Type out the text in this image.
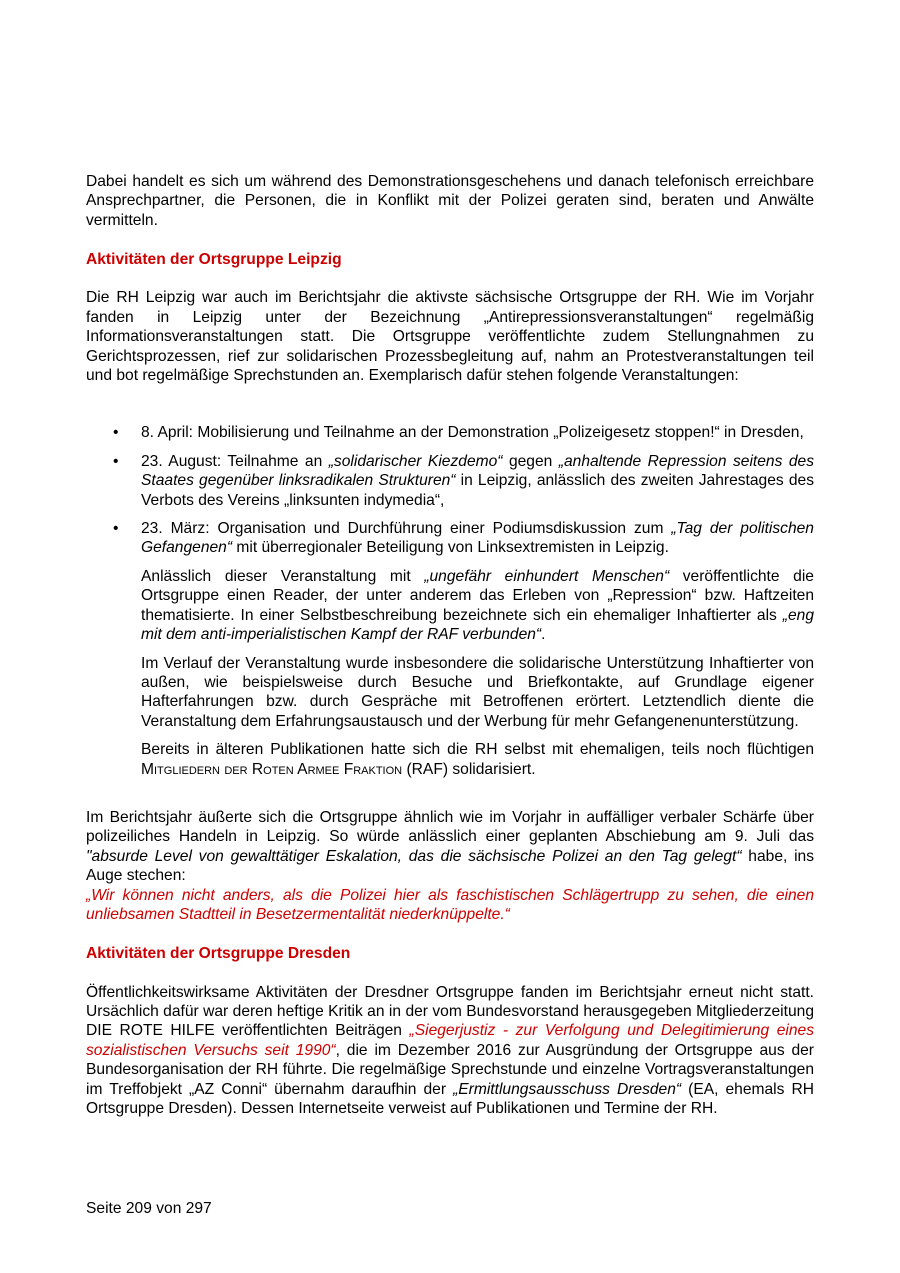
Dabei handelt es sich um während des Demonstrationsgeschehens und danach telefonisch erreichbare Ansprechpartner, die Personen, die in Konflikt mit der Polizei geraten sind, beraten und Anwälte vermitteln.

Aktivitäten der Ortsgruppe Leipzig

Die RH Leipzig war auch im Berichtsjahr die aktivste sächsische Ortsgruppe der RH. Wie im Vorjahr fanden in Leipzig unter der Bezeichnung „Antirepressionsveranstaltungen“ regelmäßig Informationsveranstaltungen statt. Die Ortsgruppe veröffentlichte zudem Stellungnahmen zu Gerichtsprozessen, rief zur solidarischen Prozessbegleitung auf, nahm an Protestveranstaltungen teil und bot regelmäßige Sprechstunden an. Exemplarisch dafür stehen folgende Veranstaltungen:

• 8. April: Mobilisierung und Teilnahme an der Demonstration „Polizeigesetz stoppen!“ in Dresden,
• 23. August: Teilnahme an „solidarischer Kiezdemo“ gegen „anhaltende Repression seitens des Staates gegenüber linksradikalen Strukturen“ in Leipzig, anlässlich des zweiten Jahrestages des Verbots des Vereins „linksunten indymedia“,
• 23. März: Organisation und Durchführung einer Podiumsdiskussion zum „Tag der politischen Gefangenen“ mit überregionaler Beteiligung von Linksextremisten in Leipzig.

Anlässlich dieser Veranstaltung mit „ungefähr einhundert Menschen“ veröffentlichte die Ortsgruppe einen Reader, der unter anderem das Erleben von „Repression“ bzw. Haftzeiten thematisierte. In einer Selbstbeschreibung bezeichnete sich ein ehemaliger Inhaftierter als „eng mit dem anti-imperialistischen Kampf der RAF verbunden“.

Im Verlauf der Veranstaltung wurde insbesondere die solidarische Unterstützung Inhaftierter von außen, wie beispielsweise durch Besuche und Briefkontakte, auf Grundlage eigener Hafterfahrungen bzw. durch Gespräche mit Betroffenen erörtert. Letztendlich diente die Veranstaltung dem Erfahrungsaustausch und der Werbung für mehr Gefangenenunterstützung.

Bereits in älteren Publikationen hatte sich die RH selbst mit ehemaligen, teils noch flüchtigen Mitgliedern der Roten Armee Fraktion (RAF) solidarisiert.

Im Berichtsjahr äußerte sich die Ortsgruppe ähnlich wie im Vorjahr in auffälliger verbaler Schärfe über polizeiliches Handeln in Leipzig. So würde anlässlich einer geplanten Abschiebung am 9. Juli das "absurde Level von gewalttätiger Eskalation, das die sächsische Polizei an den Tag gelegt“ habe, ins Auge stechen:

„Wir können nicht anders, als die Polizei hier als faschistischen Schlägertrupp zu sehen, die einen unliebsamen Stadtteil in Besetzermentalität niederknüppelte.“

Aktivitäten der Ortsgruppe Dresden

Öffentlichkeitswirksame Aktivitäten der Dresdner Ortsgruppe fanden im Berichtsjahr erneut nicht statt. Ursächlich dafür war deren heftige Kritik an in der vom Bundesvorstand herausgegeben Mitgliederzeitung DIE ROTE HILFE veröffentlichten Beiträgen „Siegerjustiz - zur Verfolgung und Delegitimierung eines sozialistischen Versuchs seit 1990“, die im Dezember 2016 zur Ausgründung der Ortsgruppe aus der Bundesorganisation der RH führte. Die regelmäßige Sprechstunde und einzelne Vortragsveranstaltungen im Treffobjekt „AZ Conni“ übernahm daraufhin der „Ermittlungsausschuss Dresden“ (EA, ehemals RH Ortsgruppe Dresden). Dessen Internetseite verweist auf Publikationen und Termine der RH.

Seite 209 von 297
